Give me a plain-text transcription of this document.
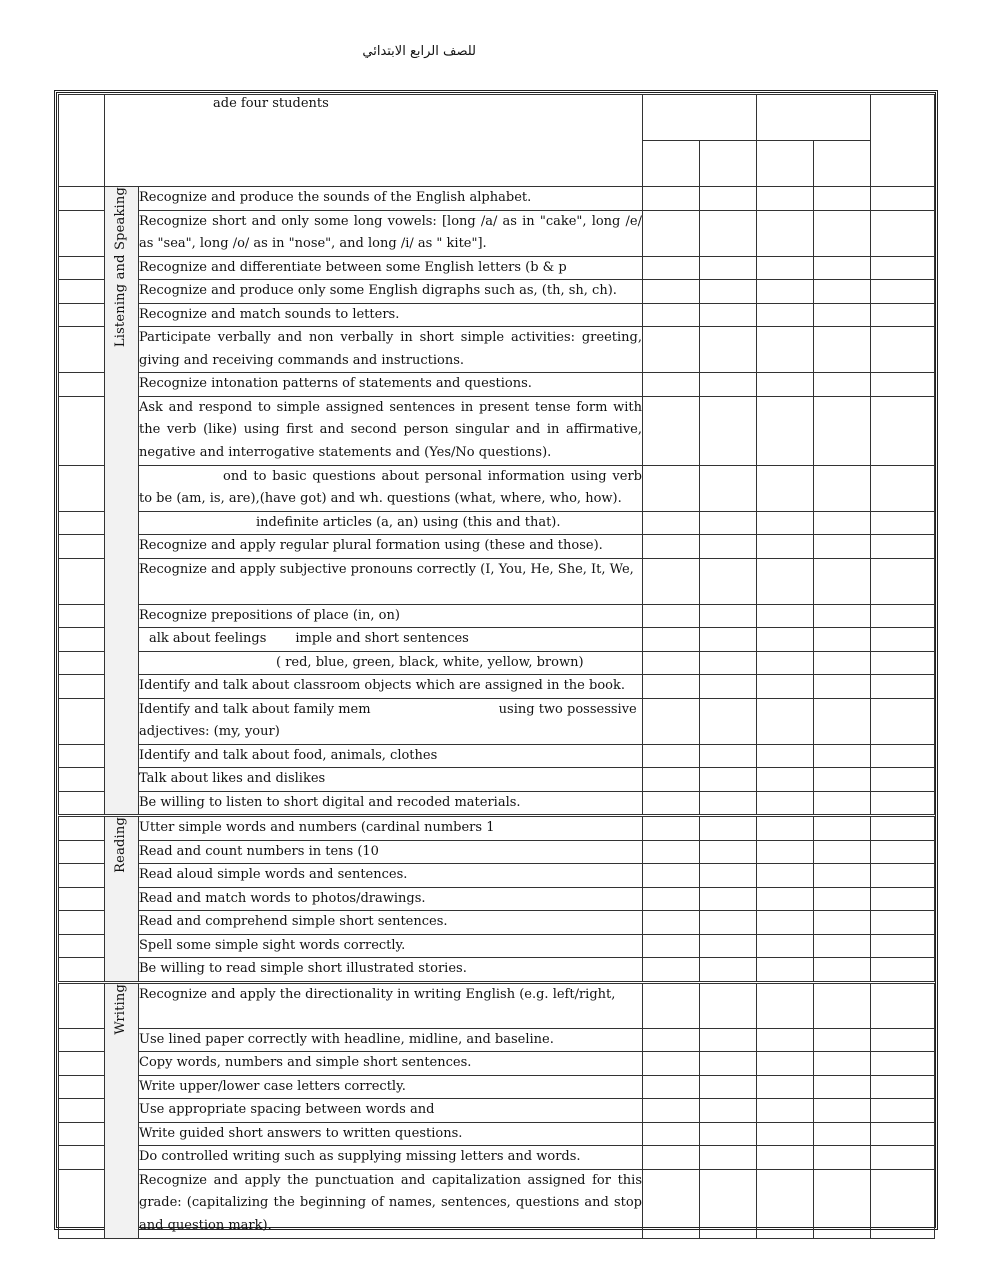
للصف الرابع الابتدائي

	ade four students						

	Listening and Speaking	Recognize and produce the sounds of the English alphabet.					

		Recognize short and only some long vowels: [long /a/ as in "cake", long /e/ as "sea", long /o/ as in "nose", and long /i/ as " kite"].					

		Recognize and differentiate between some English letters (b & p					

		Recognize and produce only some English digraphs such as, (th, sh, ch).					

		Recognize and match sounds to letters.					

		Participate verbally and non verbally in short simple activities: greeting, giving and receiving commands and instructions.					

		Recognize intonation patterns of statements and questions.					

		Ask and respond to simple assigned sentences in present tense form with the verb (like) using first and second person singular and in affirmative, negative and interrogative statements and (Yes/No questions).					

		ond to basic questions about personal information using verb to be (am, is, are),(have got) and wh. questions (what, where, who, how).					

		indefinite articles (a, an) using (this and that).					

		Recognize and apply regular plural formation using (these and those).					

		Recognize and apply subjective pronouns correctly (I, You, He, She, It, We,					

		Recognize prepositions of place (in, on)					

		alk about feelings       imple and short sentences					

		( red, blue, green, black, white, yellow, brown)					

		Identify and talk about classroom objects which are assigned in the book.					

		Identify and talk about family mem                               using two possessive adjectives: (my, your)					

		Identify and talk about food, animals, clothes					

		Talk about likes and dislikes					

		Be willing to listen to short digital and recoded materials.					

	Reading	Utter simple words and numbers (cardinal numbers 1					

		Read and count numbers in tens (10					

		Read aloud simple words and sentences.					

		Read and match words to photos/drawings.					

		Read and comprehend simple short sentences.					

		Spell some simple sight words correctly.					

		Be willing to read simple short illustrated stories.					

	Writing	Recognize and apply the directionality in writing English (e.g. left/right,					

		Use lined paper correctly with headline, midline, and baseline.					

		Copy words, numbers and simple short sentences.					

		Write upper/lower case letters correctly.					

		Use appropriate spacing between words and					

		Write guided short answers to written questions.					

		Do controlled writing such as supplying missing letters and words.					

		Recognize and apply the punctuation and capitalization assigned for this grade: (capitalizing the beginning of names, sentences, questions and stop and question mark).					
